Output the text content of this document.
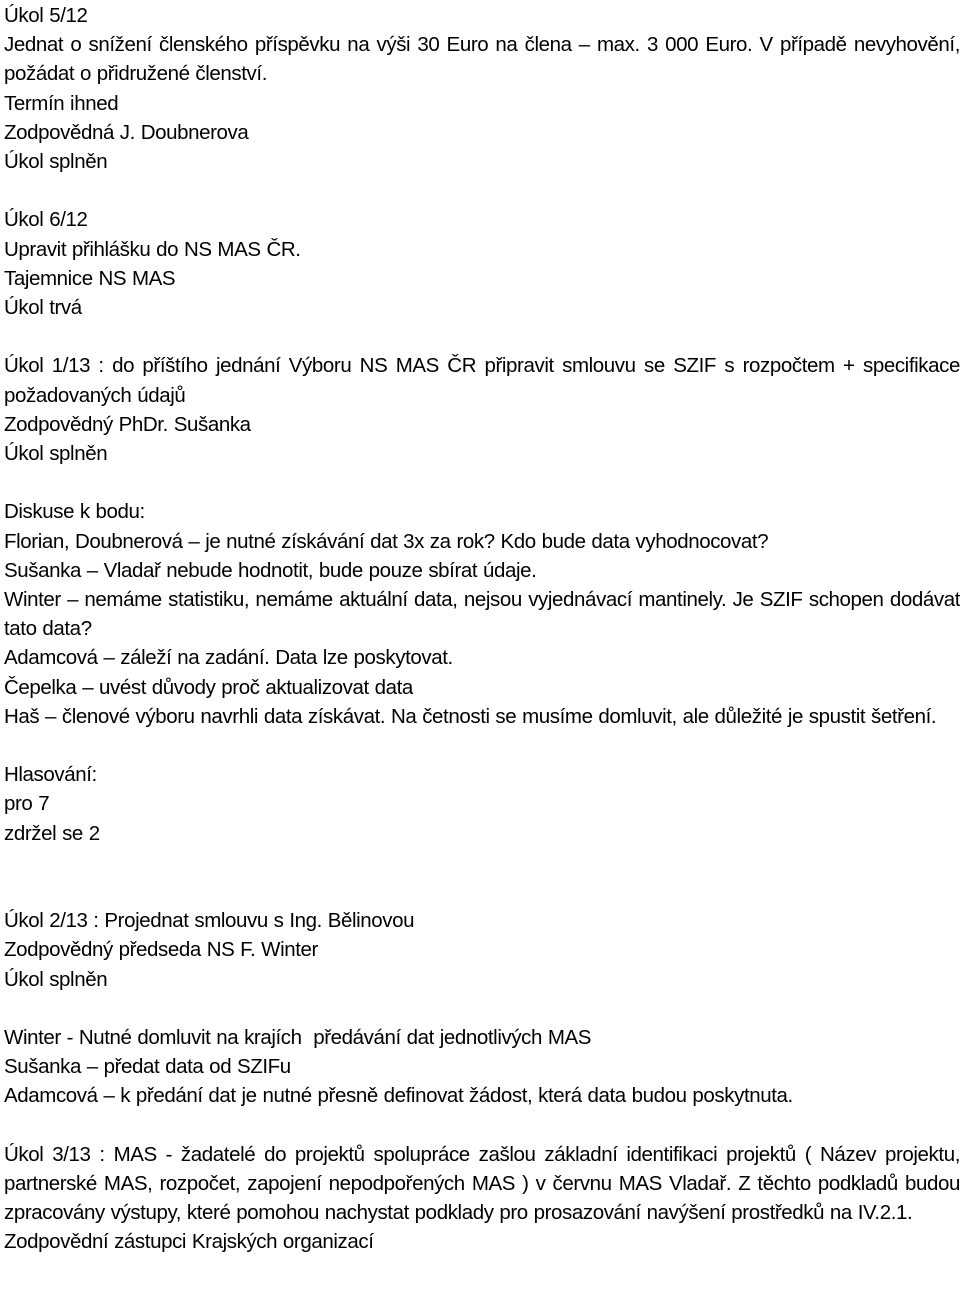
Úkol 5/12
Jednat o snížení členského příspěvku na výši 30 Euro na člena – max. 3 000 Euro. V případě nevyhovění, požádat o přidružené členství.
Termín ihned
Zodpovědná J. Doubnerova
Úkol splněn
Úkol 6/12
Upravit přihlášku do NS MAS ČR.
Tajemnice NS MAS
Úkol trvá
Úkol 1/13 : do příštího jednání Výboru NS MAS ČR připravit smlouvu se SZIF s rozpočtem + specifikace požadovaných údajů
Zodpovědný PhDr. Sušanka
Úkol splněn
Diskuse k bodu:
Florian, Doubnerová – je nutné získávání dat 3x za rok? Kdo bude data vyhodnocovat?
Sušanka – Vladař nebude hodnotit, bude pouze sbírat údaje.
Winter – nemáme statistiku, nemáme aktuální data, nejsou vyjednávací mantinely. Je SZIF schopen dodávat tato data?
Adamcová – záleží na zadání. Data lze poskytovat.
Čepelka – uvést důvody proč aktualizovat data
Haš – členové výboru navrhli data získávat. Na četnosti se musíme domluvit, ale důležité je spustit šetření.
Hlasování:
pro 7
zdržel se 2
Úkol 2/13 : Projednat smlouvu s Ing. Bělinovou
Zodpovědný předseda NS F. Winter
Úkol splněn
Winter - Nutné domluvit na krajích  předávání dat jednotlivých MAS
Sušanka – předat data od SZIFu
Adamcová – k předání dat je nutné přesně definovat žádost, která data budou poskytnuta.
Úkol 3/13 : MAS - žadatelé do projektů spolupráce zašlou základní identifikaci projektů ( Název projektu, partnerské MAS, rozpočet, zapojení nepodpořených MAS ) v červnu MAS Vladař. Z těchto podkladů budou zpracovány výstupy, které pomohou nachystat podklady pro prosazování navýšení prostředků na IV.2.1.
Zodpovědní zástupci Krajských organizací
